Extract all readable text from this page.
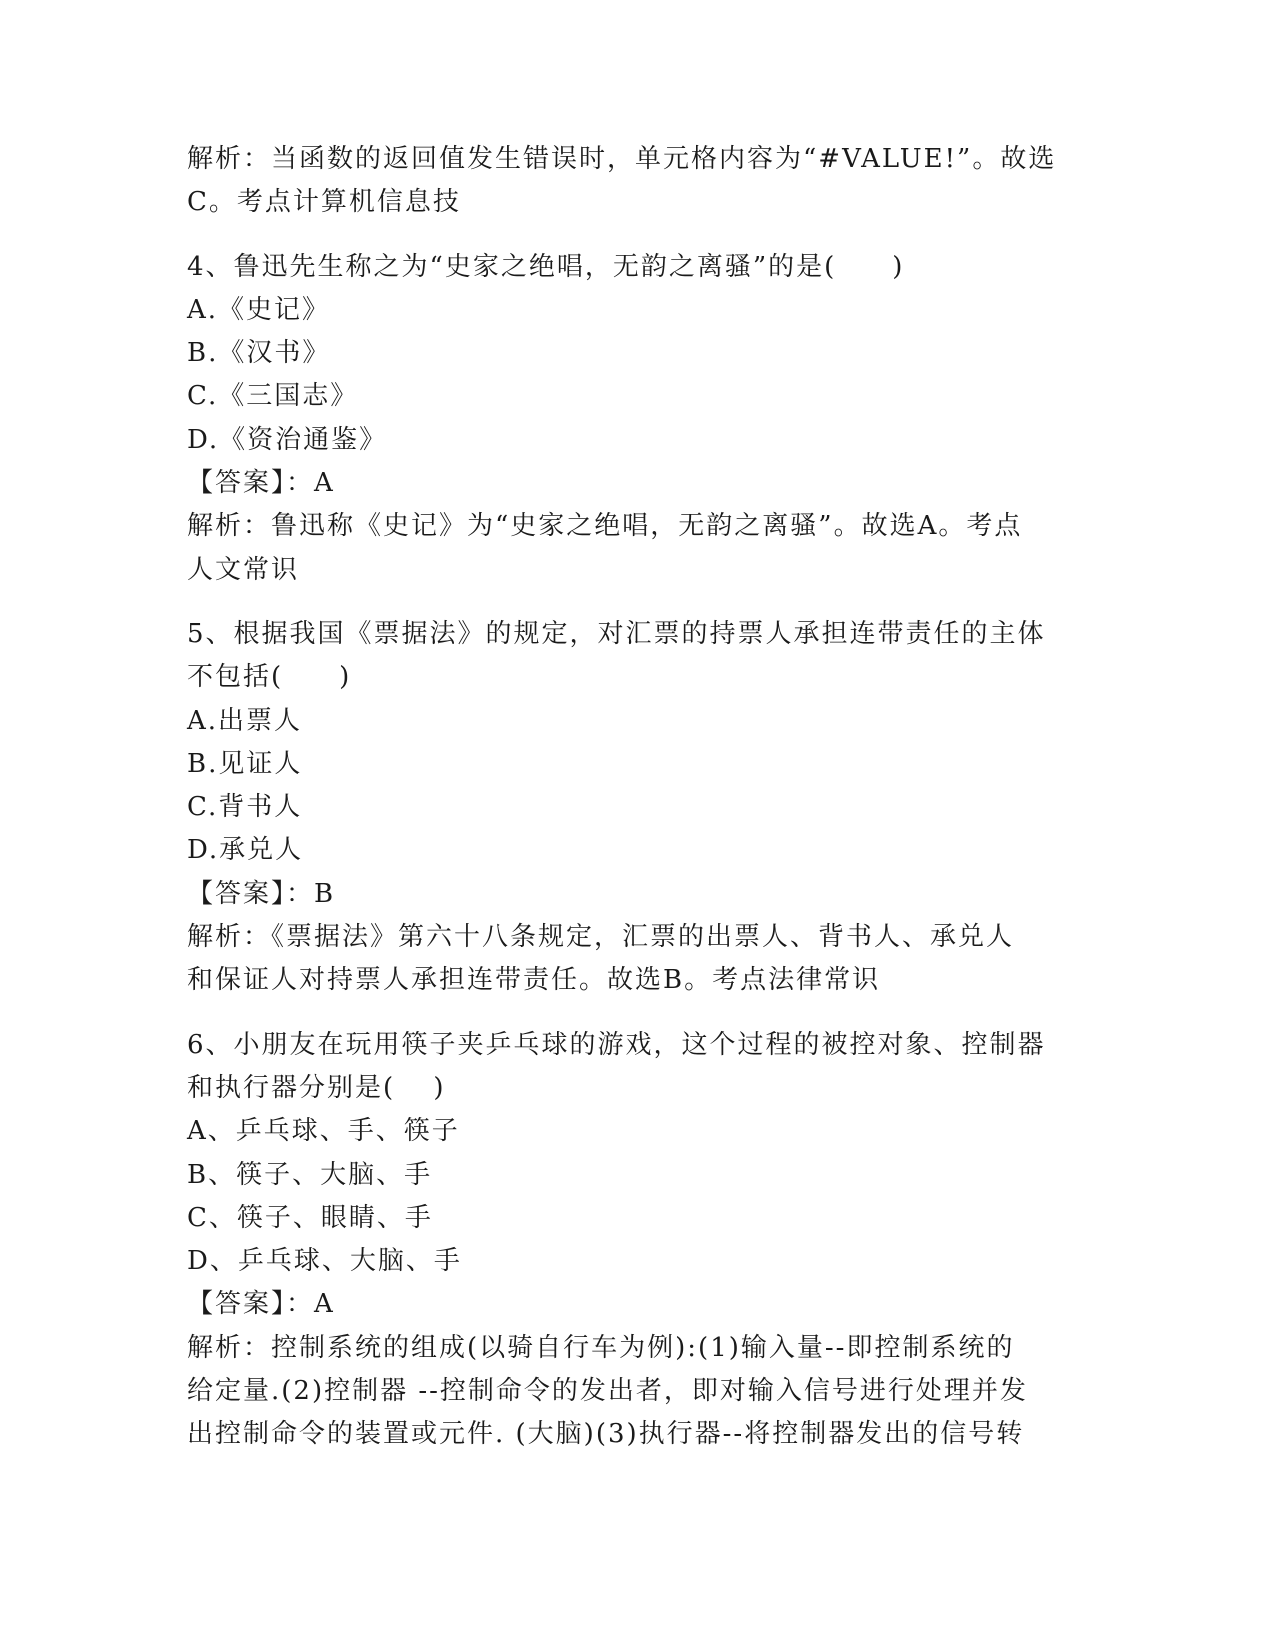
解析：当函数的返回值发生错误时，单元格内容为“#VALUE!”。故选
C。考点计算机信息技
4、鲁迅先生称之为“史家之绝唱，无韵之离骚”的是(　　)
A.《史记》
B.《汉书》
C.《三国志》
D.《资治通鉴》
【答案】：A
解析：鲁迅称《史记》为“史家之绝唱，无韵之离骚”。故选A。考点
人文常识
5、根据我国《票据法》的规定，对汇票的持票人承担连带责任的主体
不包括(　　)
A.出票人
B.见证人
C.背书人
D.承兑人
【答案】：B
解析：《票据法》第六十八条规定，汇票的出票人、背书人、承兑人
和保证人对持票人承担连带责任。故选B。考点法律常识
6、小朋友在玩用筷子夹乒乓球的游戏，这个过程的被控对象、控制器
和执行器分别是(　 )
A、乒乓球、手、筷子
B、筷子、大脑、手
C、筷子、眼睛、手
D、乒乓球、大脑、手
【答案】：A
解析：控制系统的组成(以骑自行车为例):(1)输入量--即控制系统的
给定量.(2)控制器 --控制命令的发出者，即对输入信号进行处理并发
出控制命令的装置或元件. (大脑)(3)执行器--将控制器发出的信号转
